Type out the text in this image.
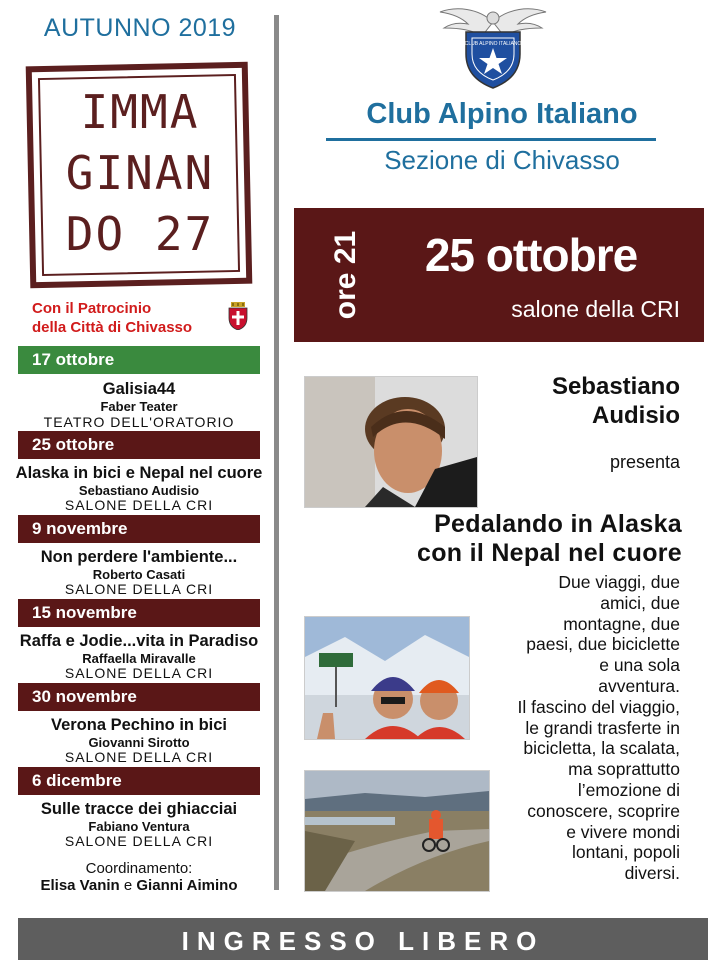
AUTUNNO 2019
IMMA
GINAN
DO 27
Con il Patrocinio
della Città di Chivasso
17 ottobre
Galisia44
Faber Teater
TEATRO DELL'ORATORIO
25 ottobre
Alaska in bici e Nepal nel cuore
Sebastiano Audisio
SALONE DELLA CRI
9 novembre
Non perdere l'ambiente...
Roberto Casati
SALONE DELLA CRI
15 novembre
Raffa e Jodie...vita in Paradiso
Raffaella Miravalle
SALONE DELLA CRI
30 novembre
Verona Pechino in bici
Giovanni Sirotto
SALONE DELLA CRI
6 dicembre
Sulle tracce dei ghiacciai
Fabiano Ventura
SALONE DELLA CRI
Coordinamento:
Elisa Vanin e Gianni Aimino
CLUB ALPINO ITALIANO
Club Alpino Italiano
Sezione di Chivasso
ore 21	25 ottobre
salone della CRI
Sebastiano
Audisio
presenta
Pedalando in Alaska
con il Nepal nel cuore
Due viaggi, due
amici, due
montagne, due
paesi, due biciclette
e una sola
avventura.
Il fascino del viaggio,
le grandi trasferte in
bicicletta, la scalata,
ma soprattutto
l’emozione di
conoscere, scoprire
e vivere mondi
lontani, popoli
diversi.
INGRESSO LIBERO
